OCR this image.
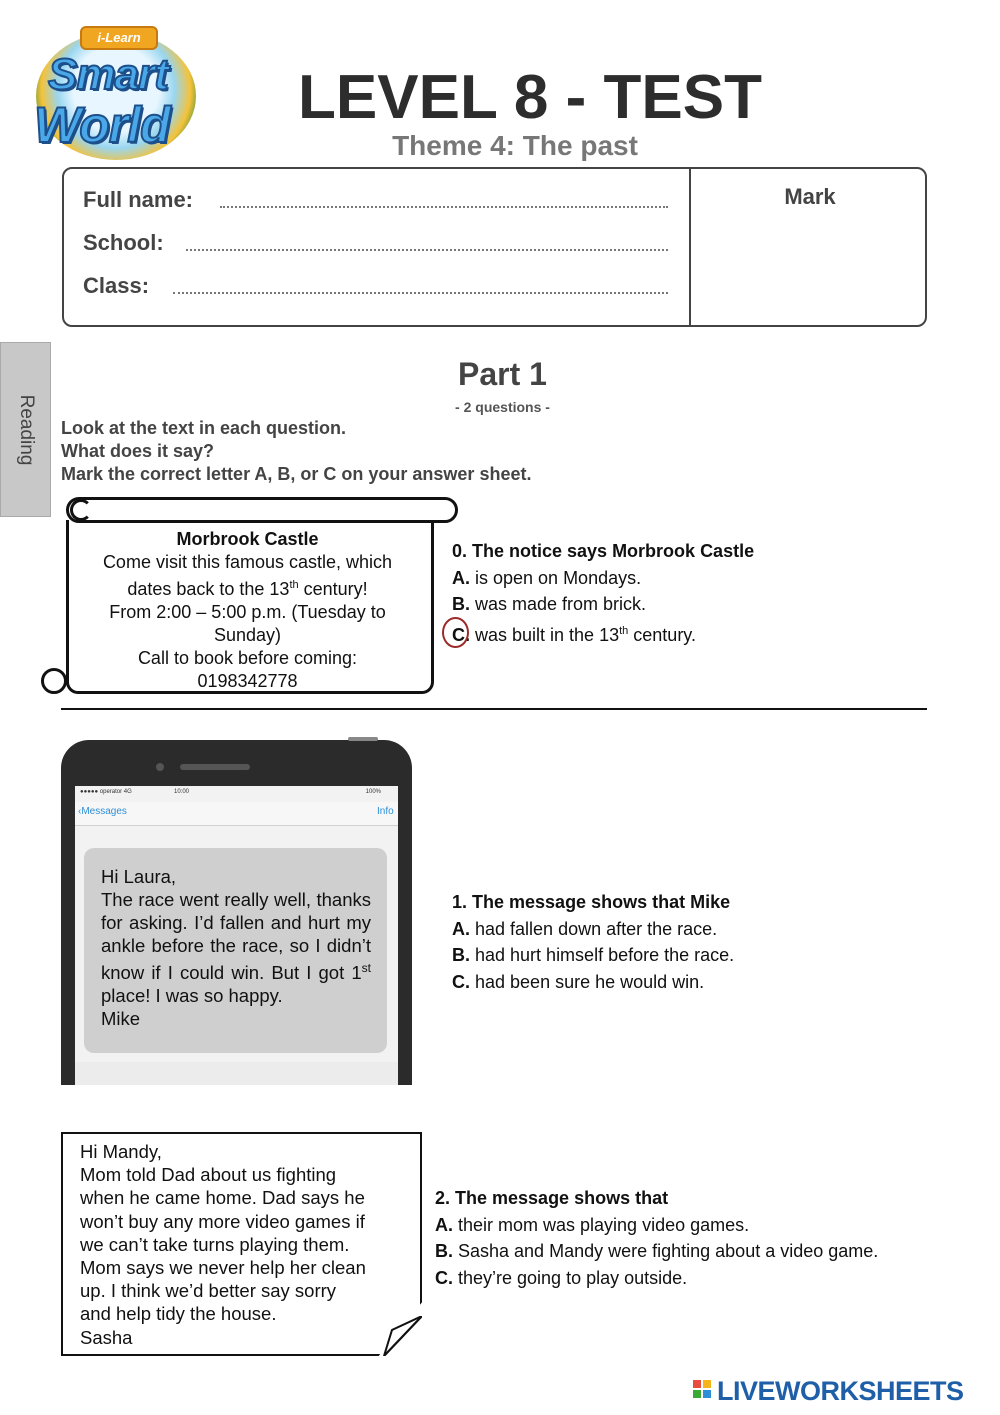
i-Learn
Smart
World	LEVEL 8 - TEST
Theme 4: The past
Full name:
School:
Class:
Mark
Reading
Part 1
- 2 questions -
Look at the text in each question.
What does it say?
Mark the correct letter A, B, or C on your answer sheet.
Morbrook Castle
Come visit this famous castle, which
dates back to the 13th century!
From 2:00 – 5:00 p.m. (Tuesday to
Sunday)
Call to book before coming:
0198342778
0. The notice says Morbrook Castle
A. is open on Mondays.
B. was made from brick.
C. was built in the 13th century.
●●●●● operator 4G	10:00	100%
‹Messages	Info
Hi Laura,
The race went really well, thanks for asking. I’d fallen and hurt my ankle before the race, so I didn’t know if I could win. But I got 1st place! I was so happy.
Mike
1. The message shows that Mike
A. had fallen down after the race.
B. had hurt himself before the race.
C. had been sure he would win.
Hi Mandy,
Mom told Dad about us fighting
when he came home. Dad says he
won’t buy any more video games if
we can’t take turns playing them.
Mom says we never help her clean
up. I think we’d better say sorry
and help tidy the house.
Sasha
2. The message shows that
A. their mom was playing video games.
B. Sasha and Mandy were fighting about a video game.
C. they’re going to play outside.
LIVEWORKSHEETS
